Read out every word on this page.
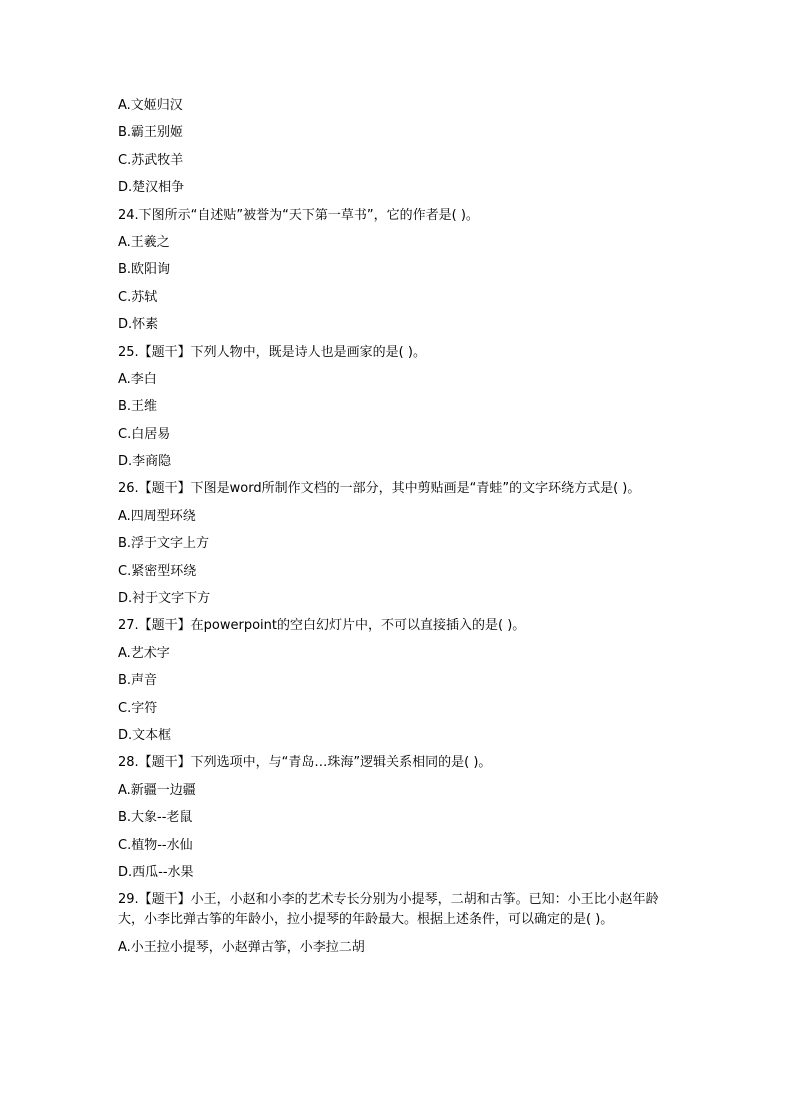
A.文姬归汉
B.霸王别姬
C.苏武牧羊
D.楚汉相争
24.下图所示“自述贴”被誉为“天下第一草书”，它的作者是( )。
A.王羲之
B.欧阳询
C.苏轼
D.怀素
25.【题干】下列人物中，既是诗人也是画家的是( )。
A.李白
B.王维
C.白居易
D.李商隐
26.【题干】下图是word所制作文档的一部分，其中剪贴画是“青蛙”的文字环绕方式是( )。
A.四周型环绕
B.浮于文字上方
C.紧密型环绕
D.衬于文字下方
27.【题干】在powerpoint的空白幻灯片中，不可以直接插入的是( )。
A.艺术字
B.声音
C.字符
D.文本框
28.【题干】下列选项中，与“青岛…珠海”逻辑关系相同的是( )。
A.新疆一边疆
B.大象--老鼠
C.植物--水仙
D.西瓜--水果
29.【题干】小王，小赵和小李的艺术专长分别为小提琴，二胡和古筝。已知：小王比小赵年龄大，小李比弹古筝的年龄小，拉小提琴的年龄最大。根据上述条件，可以确定的是( )。
A.小王拉小提琴，小赵弹古筝，小李拉二胡
